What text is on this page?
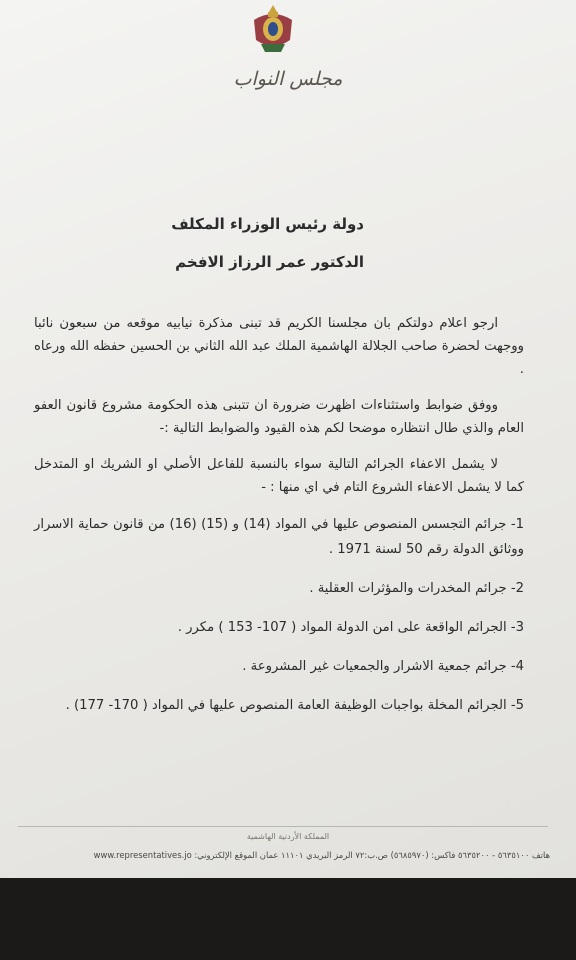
مجلس النواب
دولة رئيس الوزراء المكلف
الدكتور عمر الرزاز الافخم

ارجو اعلام دولتكم بان مجلسنا الكريم قد تبنى مذكرة نيابيه موقعه من سبعون نائبا ووجهت لحضرة صاحب الجلالة الهاشمية الملك عبد الله الثاني بن الحسين حفظه الله ورعاه .

ووفق ضوابط واستثناءات اظهرت ضرورة ان تتبنى هذه الحكومة مشروع قانون العفو العام والذي طال انتظاره موضحا لكم هذه القيود والضوابط التالية :-

لا يشمل الاعفاء الجرائم التالية سواء بالنسبة للفاعل الأصلي او الشريك او المتدخل كما لا يشمل الاعفاء الشروع التام في اي منها : -

1- جرائم التجسس المنصوص عليها في المواد (14) و (15) (16) من قانون حماية الاسرار ووثائق الدولة رقم 50 لسنة 1971 .

2- جرائم المخدرات والمؤثرات العقلية .

3- الجرائم الواقعة على امن الدولة المواد ( 107- 153 ) مكرر .

4- جرائم جمعية الاشرار والجمعيات غير المشروعة .

5- الجرائم المخلة بواجبات الوظيفة العامة المنصوص عليها في المواد ( 170- 177) .

المملكة الأردنية الهاشمية
هاتف ٥٦٣٥١٠٠ - ٥٦٣٥٢٠٠ فاكس: (٥٦٨٥٩٧٠) ص.ب:٧٢ الرمز البريدي ١١١٠١ عمان الموقع الإلكتروني: www.representatives.jo
